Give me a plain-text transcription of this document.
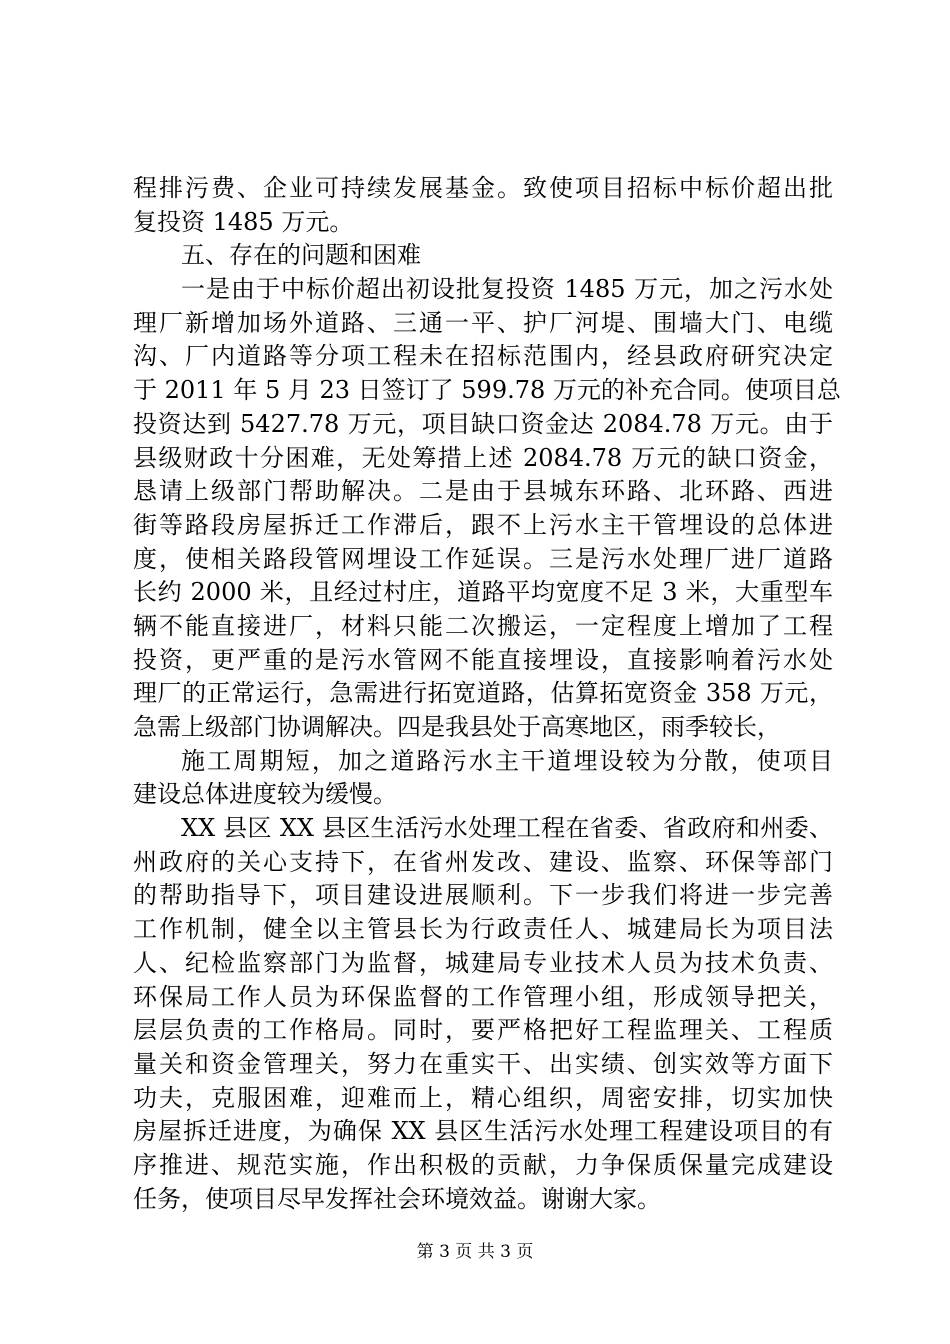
程排污费、企业可持续发展基金。致使项目招标中标价超出批
复投资 1485 万元。
五、存在的问题和困难
一是由于中标价超出初设批复投资 1485 万元，加之污水处
理厂新增加场外道路、三通一平、护厂河堤、围墙大门、电缆
沟、厂内道路等分项工程未在招标范围内，经县政府研究决定
于 2011 年 5 月 23 日签订了 599.78 万元的补充合同。使项目总
投资达到 5427.78 万元，项目缺口资金达 2084.78 万元。由于
县级财政十分困难，无处筹措上述 2084.78 万元的缺口资金，
恳请上级部门帮助解决。二是由于县城东环路、北环路、西进
街等路段房屋拆迁工作滞后，跟不上污水主干管埋设的总体进
度，使相关路段管网埋设工作延误。三是污水处理厂进厂道路
长约 2000 米，且经过村庄，道路平均宽度不足 3 米，大重型车
辆不能直接进厂，材料只能二次搬运，一定程度上增加了工程
投资，更严重的是污水管网不能直接埋设，直接影响着污水处
理厂的正常运行，急需进行拓宽道路，估算拓宽资金 358 万元，
急需上级部门协调解决。四是我县处于高寒地区，雨季较长，
施工周期短，加之道路污水主干道埋设较为分散，使项目
建设总体进度较为缓慢。
XX 县区 XX 县区生活污水处理工程在省委、省政府和州委、
州政府的关心支持下，在省州发改、建设、监察、环保等部门
的帮助指导下，项目建设进展顺利。下一步我们将进一步完善
工作机制，健全以主管县长为行政责任人、城建局长为项目法
人、纪检监察部门为监督，城建局专业技术人员为技术负责、
环保局工作人员为环保监督的工作管理小组，形成领导把关，
层层负责的工作格局。同时，要严格把好工程监理关、工程质
量关和资金管理关，努力在重实干、出实绩、创实效等方面下
功夫，克服困难，迎难而上，精心组织，周密安排，切实加快
房屋拆迁进度，为确保 XX 县区生活污水处理工程建设项目的有
序推进、规范实施，作出积极的贡献，力争保质保量完成建设
任务，使项目尽早发挥社会环境效益。谢谢大家。
第 3 页 共 3 页
